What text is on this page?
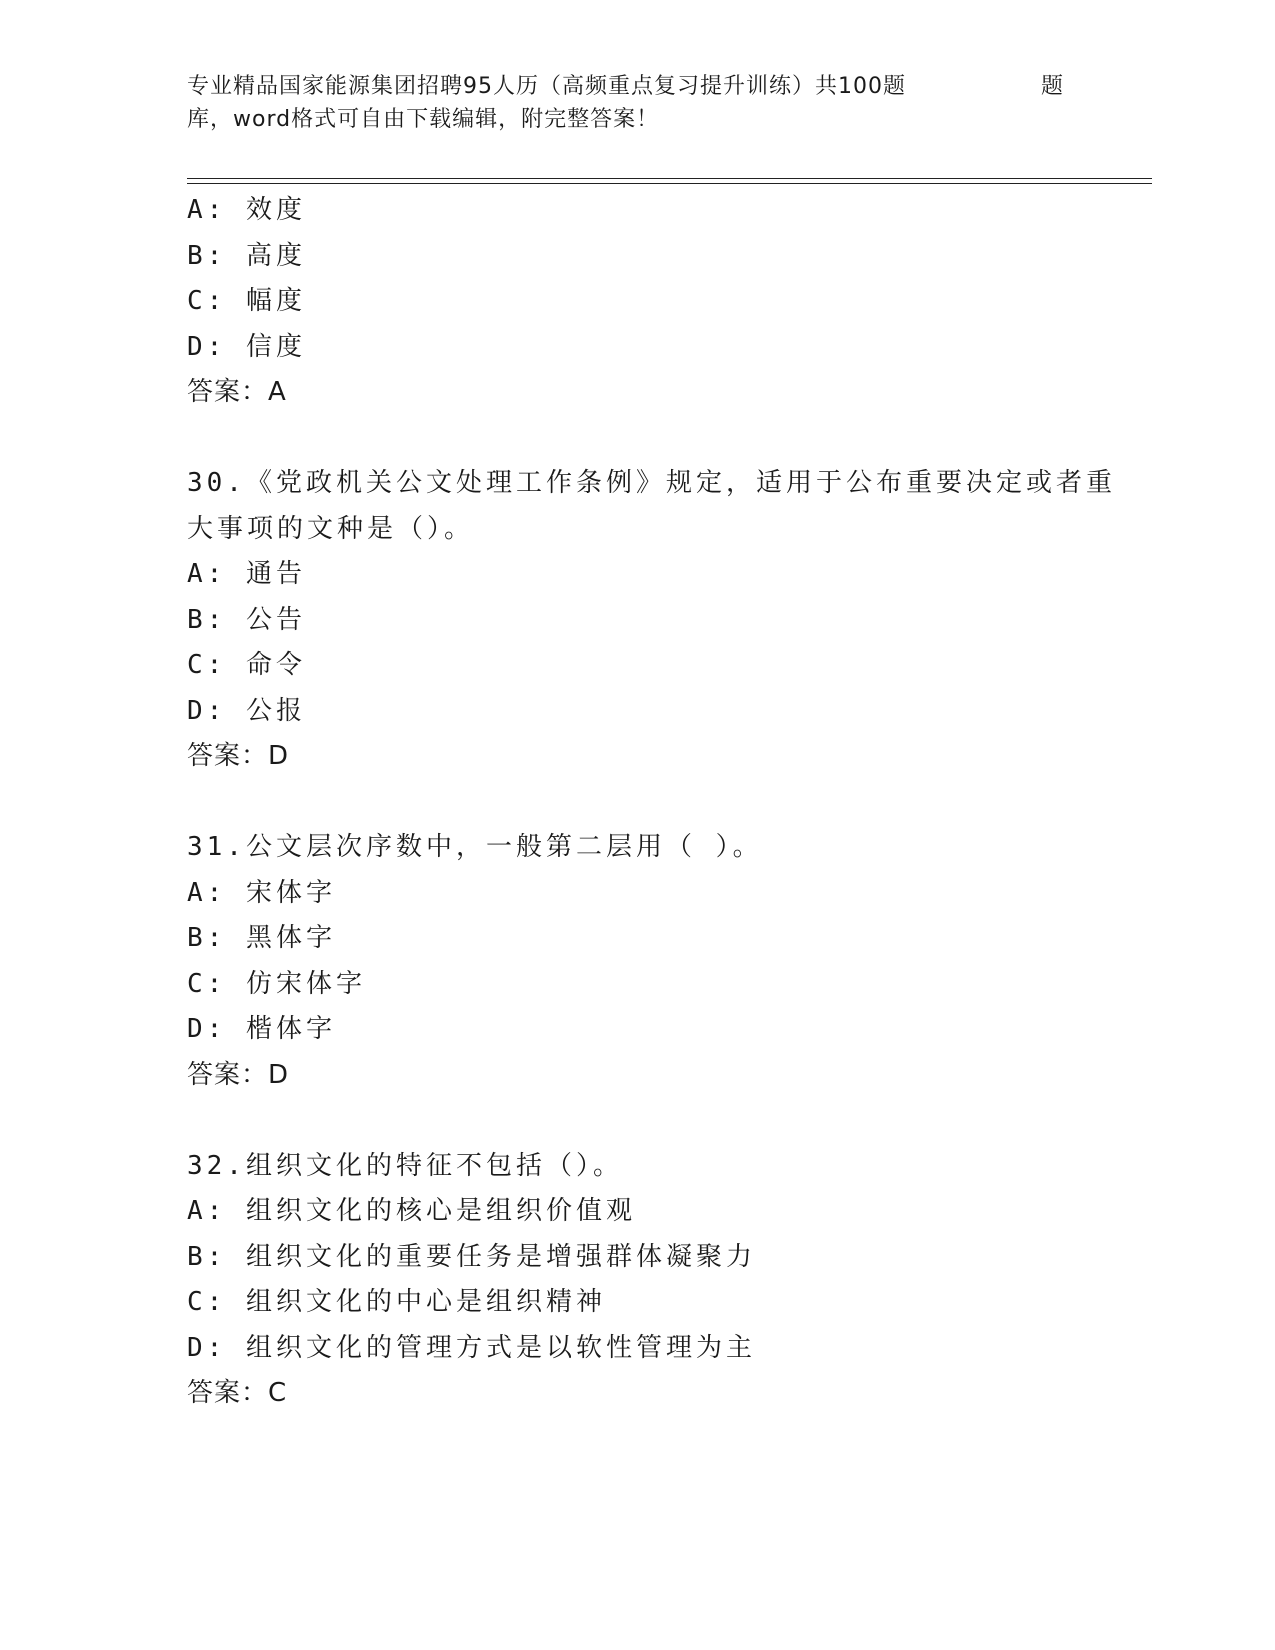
专业精品国家能源集团招聘95人历（高频重点复习提升训练）共100题
库，word格式可自由下载编辑，附完整答案！
题
A: 效度
B: 高度
C: 幅度
D: 信度
答案：A
30.《党政机关公文处理工作条例》规定，适用于公布重要决定或者重
大事项的文种是（）。
A: 通告
B: 公告
C: 命令
D: 公报
答案：D
31.公文层次序数中，一般第二层用（ ）。
A: 宋体字
B: 黑体字
C: 仿宋体字
D: 楷体字
答案：D
32.组织文化的特征不包括（）。
A: 组织文化的核心是组织价值观
B: 组织文化的重要任务是增强群体凝聚力
C: 组织文化的中心是组织精神
D: 组织文化的管理方式是以软性管理为主
答案：C
